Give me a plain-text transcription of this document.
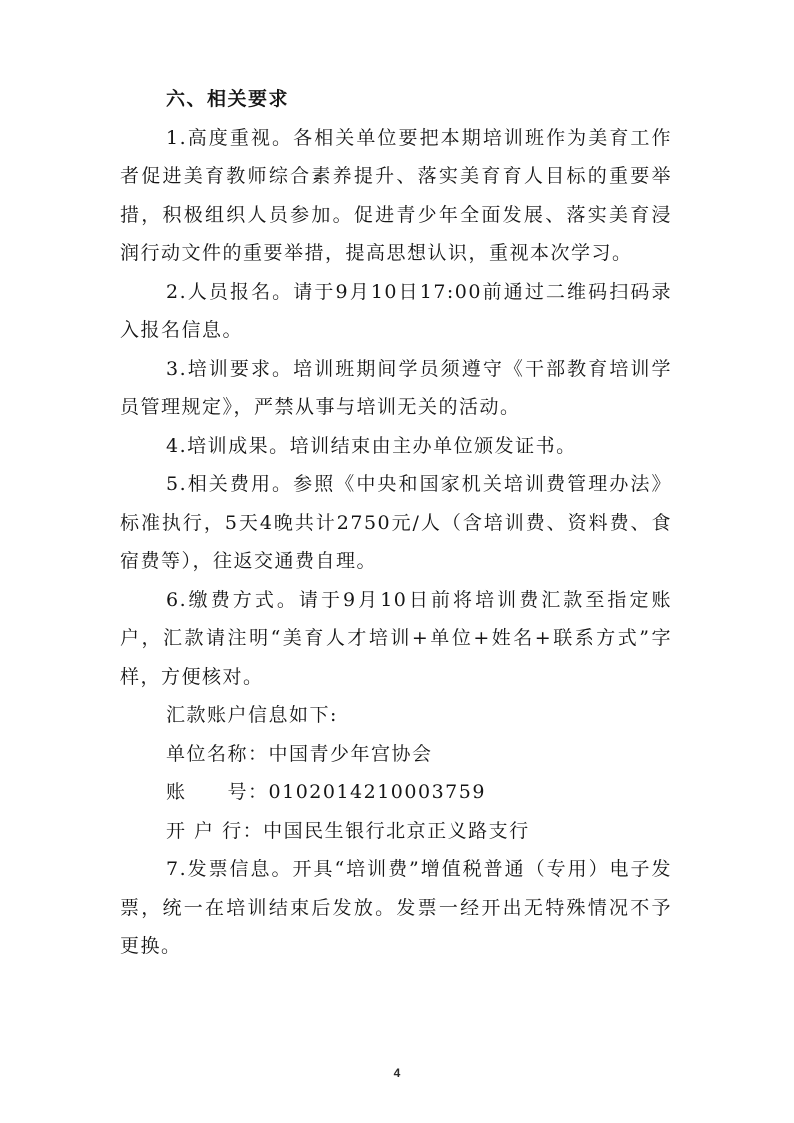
六、相关要求

1.高度重视。各相关单位要把本期培训班作为美育工作者促进美育教师综合素养提升、落实美育育人目标的重要举措，积极组织人员参加。促进青少年全面发展、落实美育浸润行动文件的重要举措，提高思想认识，重视本次学习。

2.人员报名。请于9月10日17:00前通过二维码扫码录入报名信息。

3.培训要求。培训班期间学员须遵守《干部教育培训学员管理规定》，严禁从事与培训无关的活动。

4.培训成果。培训结束由主办单位颁发证书。

5.相关费用。参照《中央和国家机关培训费管理办法》标准执行，5天4晚共计2750元/人（含培训费、资料费、食宿费等），往返交通费自理。

6.缴费方式。请于9月10日前将培训费汇款至指定账户，汇款请注明“美育人才培训+单位+姓名+联系方式”字样，方便核对。

汇款账户信息如下:

单位名称：中国青少年宫协会

账　　号：0102014210003759

开 户 行：中国民生银行北京正义路支行

7.发票信息。开具“培训费”增值税普通（专用）电子发票，统一在培训结束后发放。发票一经开出无特殊情况不予更换。

4
